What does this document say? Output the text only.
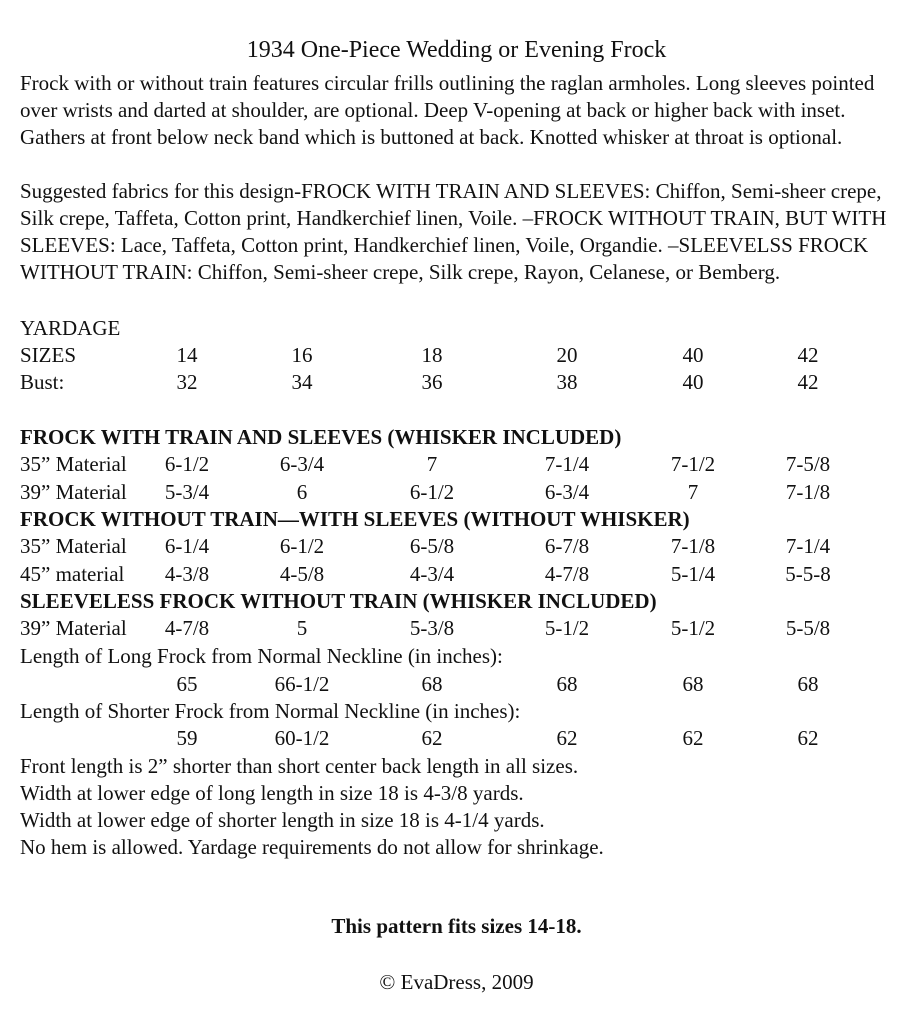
1934 One-Piece Wedding or Evening Frock

Frock with or without train features circular frills outlining the raglan armholes. Long sleeves pointed over wrists and darted at shoulder, are optional. Deep V-opening at back or higher back with inset. Gathers at front below neck band which is buttoned at back. Knotted whisker at throat is optional.

Suggested fabrics for this design-FROCK WITH TRAIN AND SLEEVES: Chiffon, Semi-sheer crepe, Silk crepe, Taffeta, Cotton print, Handkerchief linen, Voile. –FROCK WITHOUT TRAIN, BUT WITH SLEEVES: Lace, Taffeta, Cotton print, Handkerchief linen, Voile, Organdie. –SLEEVELSS FROCK WITHOUT TRAIN: Chiffon, Semi-sheer crepe, Silk crepe, Rayon, Celanese, or Bemberg.

YARDAGE
SIZES	14	16	18	20	40	42
Bust:	32	34	36	38	40	42
FROCK WITH TRAIN AND SLEEVES (WHISKER INCLUDED)
35” Material	6-1/2	6-3/4	7	7-1/4	7-1/2	7-5/8
39” Material	5-3/4	6	6-1/2	6-3/4	7	7-1/8
FROCK WITHOUT TRAIN—WITH SLEEVES (WITHOUT WHISKER)
35” Material	6-1/4	6-1/2	6-5/8	6-7/8	7-1/8	7-1/4
45” material	4-3/8	4-5/8	4-3/4	4-7/8	5-1/4	5-5-8
SLEEVELESS FROCK WITHOUT TRAIN (WHISKER INCLUDED)
39” Material	4-7/8	5	5-3/8	5-1/2	5-1/2	5-5/8
Length of Long Frock from Normal Neckline (in inches):
65	66-1/2	68	68	68	68
Length of Shorter Frock from Normal Neckline (in inches):
59	60-1/2	62	62	62	62
Front length is 2” shorter than short center back length in all sizes.
Width at lower edge of long length in size 18 is 4-3/8 yards.
Width at lower edge of shorter length in size 18 is 4-1/4 yards.
No hem is allowed. Yardage requirements do not allow for shrinkage.
This pattern fits sizes 14-18.
© EvaDress, 2009
